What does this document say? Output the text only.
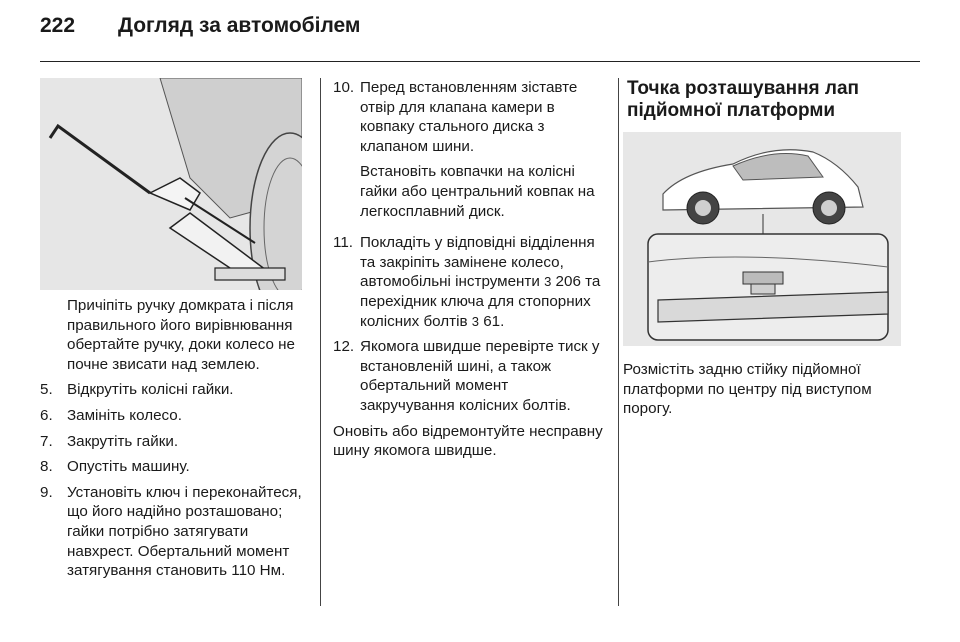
222 Догляд за автомобілем
Причіпіть ручку домкрата і після правильного його вирівнювання обертайте ручку, доки колесо не почне звисати над землею.
5. Відкрутіть колісні гайки.
6. Замініть колесо.
7. Закрутіть гайки.
8. Опустіть машину.
9. Установіть ключ і переконайтеся, що його надійно розташовано; гайки потрібно затягувати навхрест. Обертальний момент затягування становить 110 Нм.
10. Перед встановленням зіставте отвір для клапана камери в ковпаку стального диска з клапаном шини.
Встановіть ковпачки на колісні гайки або центральний ковпак на легкосплавний диск.
11. Покладіть у відповідні відділення та закріпіть замінене колесо, автомобільні інструменти 3 206 та перехідник ключа для стопорних колісних болтів 3 61.
12. Якомога швидше перевірте тиск у встановленій шині, а також обертальний момент закручування колісних болтів.
Оновіть або відремонтуйте несправну шину якомога швидше.
Точка розташування лап підйомної платформи
Розмістіть задню стійку підйомної платформи по центру під виступом порогу.
